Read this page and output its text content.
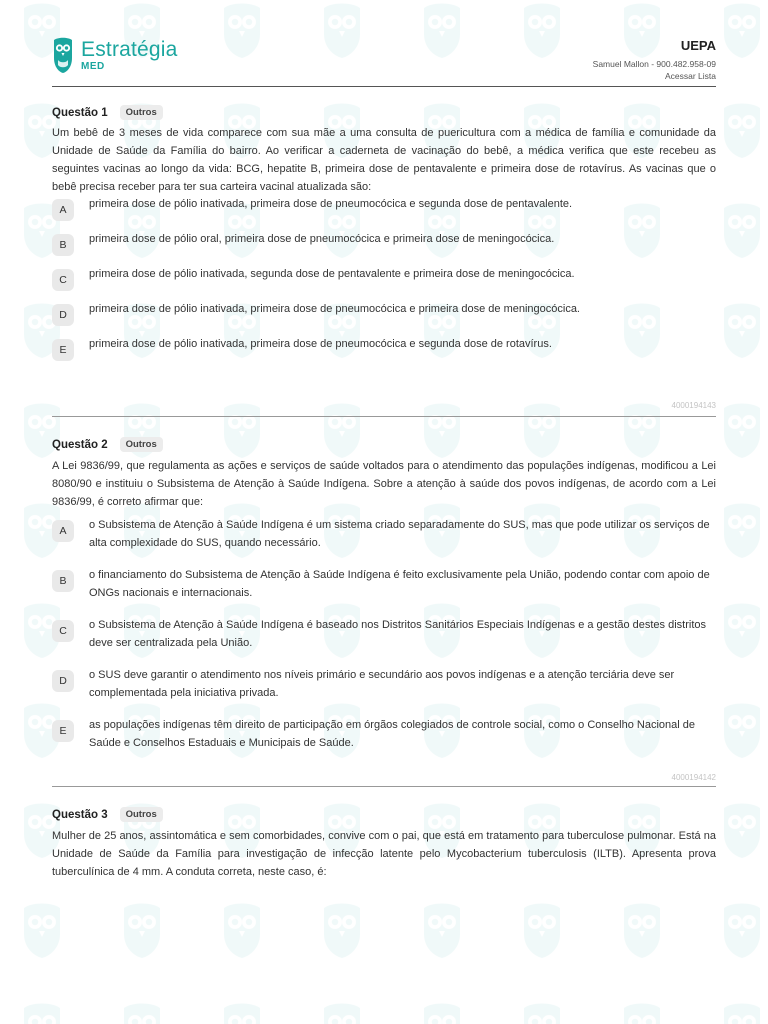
Estratégia
MED
UEPA
Samuel Mallon - 900.482.958-09
Acessar Lista
Questão 1	Outros
Um bebê de 3 meses de vida comparece com sua mãe a uma consulta de puericultura com a médica de família e comunidade da Unidade de Saúde da Família do bairro. Ao verificar a caderneta de vacinação do bebê, a médica verifica que este recebeu as seguintes vacinas ao longo da vida: BCG, hepatite B, primeira dose de pentavalente e primeira dose de rotavírus. As vacinas que o bebê precisa receber para ter sua carteira vacinal atualizada são:
A	primeira dose de pólio inativada, primeira dose de pneumocócica e segunda dose de pentavalente.
B	primeira dose de pólio oral, primeira dose de pneumocócica e primeira dose de meningocócica.
C	primeira dose de pólio inativada, segunda dose de pentavalente e primeira dose de meningocócica.
D	primeira dose de pólio inativada, primeira dose de pneumocócica e primeira dose de meningocócica.
E	primeira dose de pólio inativada, primeira dose de pneumocócica e segunda dose de rotavírus.
4000194143
Questão 2	Outros
A Lei 9836/99, que regulamenta as ações e serviços de saúde voltados para o atendimento das populações indígenas, modificou a Lei 8080/90 e instituiu o Subsistema de Atenção à Saúde Indígena. Sobre a atenção à saúde dos povos indígenas, de acordo com a Lei 9836/99, é correto afirmar que:
A	o Subsistema de Atenção à Saúde Indígena é um sistema criado separadamente do SUS, mas que pode utilizar os serviços de alta complexidade do SUS, quando necessário.
B	o financiamento do Subsistema de Atenção à Saúde Indígena é feito exclusivamente pela União, podendo contar com apoio de ONGs nacionais e internacionais.
C	o Subsistema de Atenção à Saúde Indígena é baseado nos Distritos Sanitários Especiais Indígenas e a gestão destes distritos deve ser centralizada pela União.
D	o SUS deve garantir o atendimento nos níveis primário e secundário aos povos indígenas e a atenção terciária deve ser complementada pela iniciativa privada.
E	as populações indígenas têm direito de participação em órgãos colegiados de controle social, como o Conselho Nacional de Saúde e Conselhos Estaduais e Municipais de Saúde.
4000194142
Questão 3	Outros
Mulher de 25 anos, assintomática e sem comorbidades, convive com o pai, que está em tratamento para tuberculose pulmonar. Está na Unidade de Saúde da Família para investigação de infecção latente pelo Mycobacterium tuberculosis (ILTB). Apresenta prova tuberculínica de 4 mm. A conduta correta, neste caso, é:
